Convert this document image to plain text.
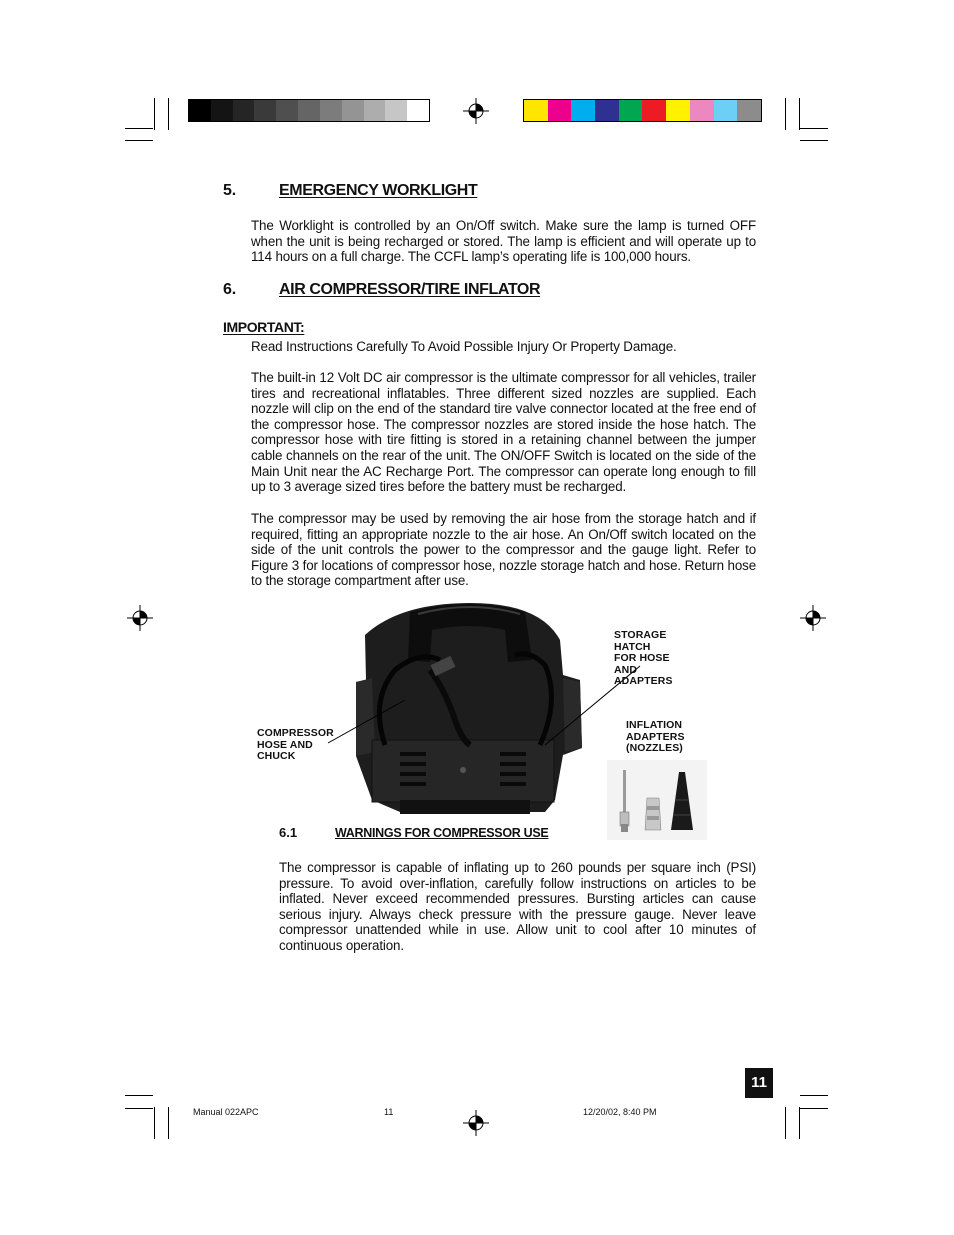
5.	EMERGENCY WORKLIGHT
The Worklight is controlled by an On/Off switch. Make sure the lamp is turned OFF when the unit is being recharged or stored. The lamp is efficient and will operate up to 114 hours on a full charge. The CCFL lamp’s operating life is 100,000 hours.
6.	AIR COMPRESSOR/TIRE INFLATOR
IMPORTANT:
Read Instructions Carefully To Avoid Possible Injury Or Property Damage.
The built-in 12 Volt DC air compressor is the ultimate compressor for all vehicles, trailer tires and recreational inflatables. Three different sized nozzles are supplied. Each nozzle will clip on the end of the standard tire valve connector located at the free end of the compressor hose. The compressor nozzles are stored inside the hose hatch. The compressor hose with tire fitting is stored in a retaining channel between the jumper cable channels on the rear of the unit. The ON/OFF Switch is located on the side of the Main Unit near the AC Recharge Port. The compressor can operate long enough to fill up to 3 average sized tires before the battery must be recharged.
The compressor may be used by removing the air hose from the storage hatch and if required, fitting an appropriate nozzle to the air hose. An On/Off switch located on the side of the unit controls the power to the compressor and the gauge light. Refer to Figure 3 for locations of compressor hose, nozzle storage hatch and hose. Return hose to the storage compartment after use.
STORAGE HATCH
FOR HOSE AND
ADAPTERS
COMPRESSOR
HOSE AND
CHUCK
INFLATION
ADAPTERS
(NOZZLES)
6.1	WARNINGS FOR COMPRESSOR USE
The compressor is capable of inflating up to 260 pounds per square inch (PSI) pressure. To avoid over-inflation, carefully follow instructions on articles to be inflated. Never exceed recommended pressures. Bursting articles can cause serious injury. Always check pressure with the pressure gauge. Never leave compressor unattended while in use. Allow unit to cool after 10 minutes of continuous operation.
11
Manual 022APC	11	12/20/02, 8:40 PM
